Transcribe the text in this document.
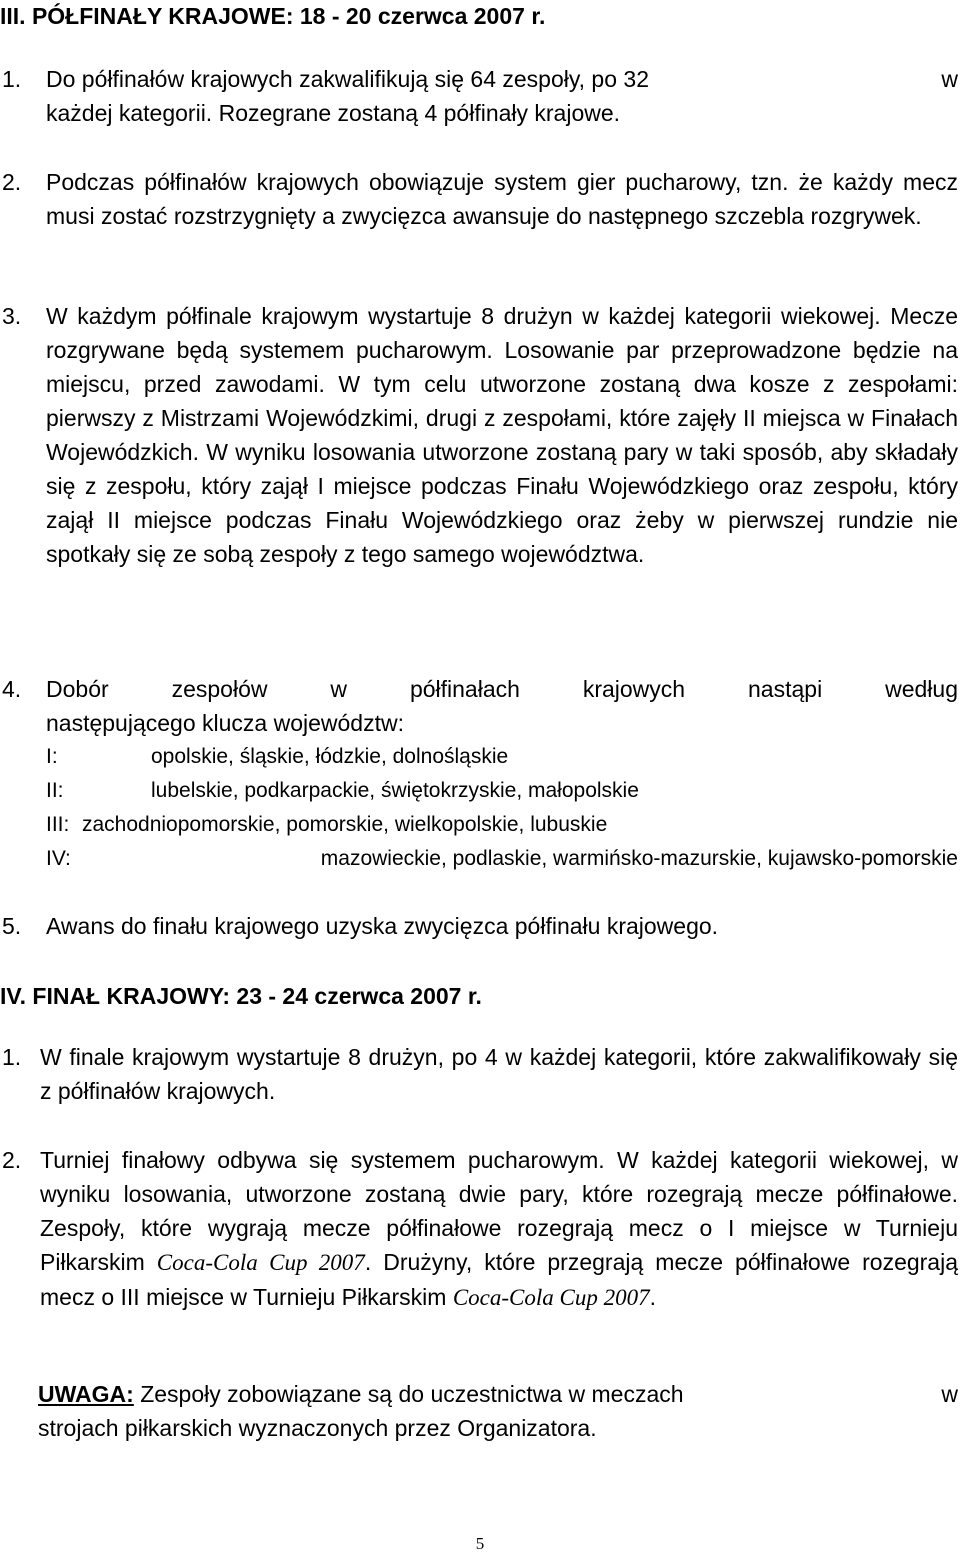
III. PÓŁFINAŁY KRAJOWE: 18 - 20 czerwca 2007 r.
1. Do półfinałów krajowych zakwalifikują się 64 zespoły, po 32	w
każdej kategorii. Rozegrane zostaną 4 półfinały krajowe.
2. Podczas półfinałów krajowych obowiązuje system gier pucharowy, tzn. że każdy mecz musi zostać rozstrzygnięty a zwycięzca awansuje do następnego szczebla rozgrywek.

3. W każdym półfinale krajowym wystartuje 8 drużyn w każdej kategorii wiekowej. Mecze rozgrywane będą systemem pucharowym. Losowanie par przeprowadzone będzie na miejscu, przed zawodami. W tym celu utworzone zostaną dwa kosze z zespołami: pierwszy z Mistrzami Wojewódzkimi, drugi z zespołami, które zajęły II miejsca w Finałach Wojewódzkich. W wyniku losowania utworzone zostaną pary w taki sposób, aby składały się z zespołu, który zajął I miejsce podczas Finału Wojewódzkiego oraz zespołu, który zajął II miejsce podczas Finału Wojewódzkiego oraz żeby w pierwszej rundzie nie spotkały się ze sobą zespoły z tego samego województwa.

4. Dobór	zespołów	w	półfinałach	krajowych	nastąpi	według
następującego klucza województw:
I:	opolskie, śląskie, łódzkie, dolnośląskie
II:	lubelskie, podkarpackie, świętokrzyskie, małopolskie
III: zachodniopomorskie, pomorskie, wielkopolskie, lubuskie
IV:	mazowieckie, podlaskie, warmińsko-mazurskie, kujawsko-pomorskie
5. Awans do finału krajowego uzyska zwycięzca półfinału krajowego.

IV. FINAŁ KRAJOWY: 23 - 24 czerwca 2007 r.
1. W finale krajowym wystartuje 8 drużyn, po 4 w każdej kategorii, które zakwalifikowały się z półfinałów krajowych.

2. Turniej finałowy odbywa się systemem pucharowym. W każdej kategorii wiekowej, w wyniku losowania, utworzone zostaną dwie pary, które rozegrają mecze półfinałowe. Zespoły, które wygrają mecze półfinałowe rozegrają mecz o I miejsce w Turnieju Piłkarskim Coca-Cola Cup 2007. Drużyny, które przegrają mecze półfinałowe rozegrają mecz o III miejsce w Turnieju Piłkarskim Coca-Cola Cup 2007.

UWAGA: Zespoły zobowiązane są do uczestnictwa w meczach	w
strojach piłkarskich wyznaczonych przez Organizatora.
5
